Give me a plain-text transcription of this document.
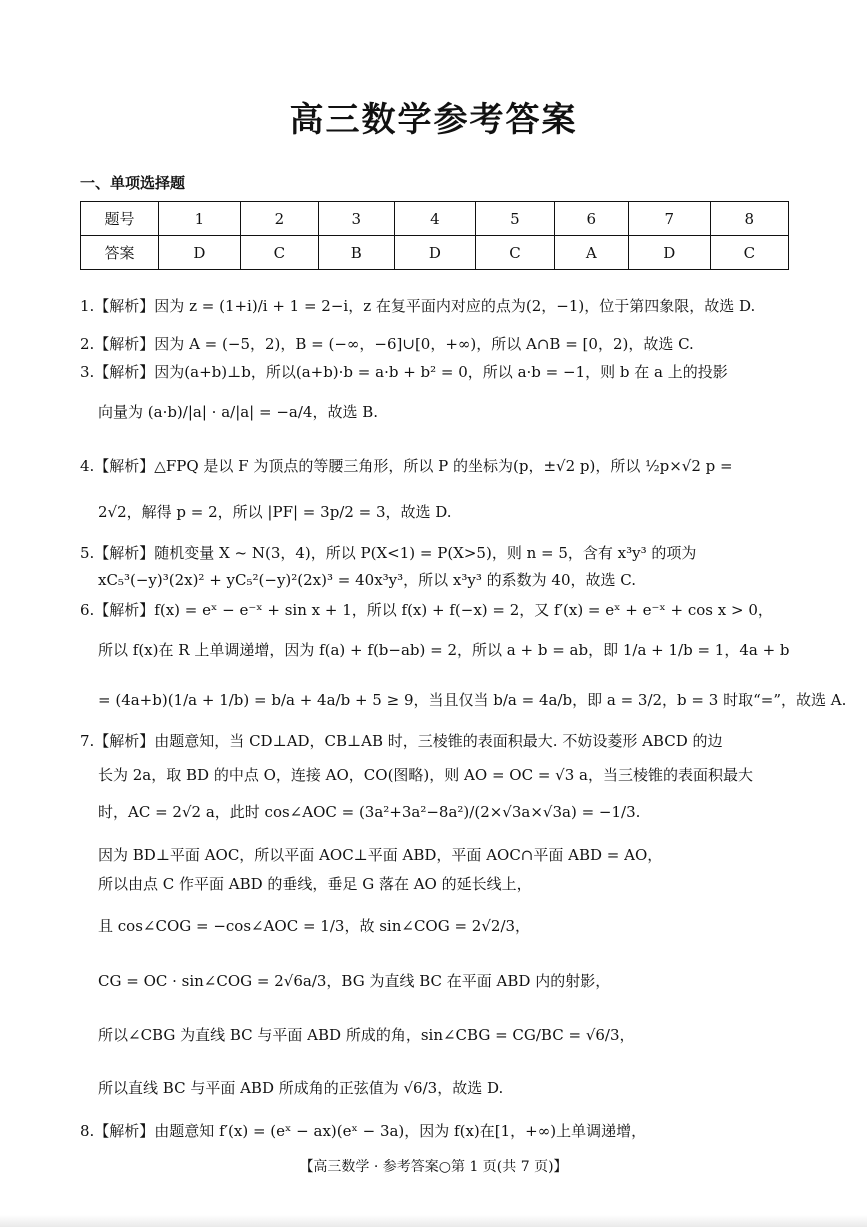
高三数学参考答案
一、单项选择题
题号	1	2	3	4	5	6	7	8
答案	D	C	B	D	C	A	D	C
1.【解析】因为 z = (1+i)/i + 1 = 2−i，z 在复平面内对应的点为(2，−1)，位于第四象限，故选 D.
2.【解析】因为 A = (−5，2)，B = (−∞，−6]∪[0，+∞)，所以 A∩B = [0，2)，故选 C.
3.【解析】因为(a+b)⊥b，所以(a+b)·b = a·b + b² = 0，所以 a·b = −1，则 b 在 a 上的投影
向量为 (a·b)/|a| · a/|a| = −a/4，故选 B.
4.【解析】△FPQ 是以 F 为顶点的等腰三角形，所以 P 的坐标为(p，±√2 p)，所以 ½p×√2 p =
2√2，解得 p = 2，所以 |PF| = 3p/2 = 3，故选 D.
5.【解析】随机变量 X ~ N(3，4)，所以 P(X<1) = P(X>5)，则 n = 5，含有 x³y³ 的项为
xC₅³(−y)³(2x)² + yC₅²(−y)²(2x)³ = 40x³y³，所以 x³y³ 的系数为 40，故选 C.
6.【解析】f(x) = eˣ − e⁻ˣ + sin x + 1，所以 f(x) + f(−x) = 2，又 f′(x) = eˣ + e⁻ˣ + cos x > 0，
所以 f(x)在 R 上单调递增，因为 f(a) + f(b−ab) = 2，所以 a + b = ab，即 1/a + 1/b = 1，4a + b
= (4a+b)(1/a + 1/b) = b/a + 4a/b + 5 ≥ 9，当且仅当 b/a = 4a/b，即 a = 3/2，b = 3 时取“=”，故选 A.
7.【解析】由题意知，当 CD⊥AD，CB⊥AB 时，三棱锥的表面积最大. 不妨设菱形 ABCD 的边
长为 2a，取 BD 的中点 O，连接 AO，CO(图略)，则 AO = OC = √3 a，当三棱锥的表面积最大
时，AC = 2√2 a，此时 cos∠AOC = (3a²+3a²−8a²)/(2×√3a×√3a) = −1/3.
因为 BD⊥平面 AOC，所以平面 AOC⊥平面 ABD，平面 AOC∩平面 ABD = AO，
所以由点 C 作平面 ABD 的垂线，垂足 G 落在 AO 的延长线上，
且 cos∠COG = −cos∠AOC = 1/3，故 sin∠COG = 2√2/3，
CG = OC · sin∠COG = 2√6a/3，BG 为直线 BC 在平面 ABD 内的射影，
所以∠CBG 为直线 BC 与平面 ABD 所成的角，sin∠CBG = CG/BC = √6/3，
所以直线 BC 与平面 ABD 所成角的正弦值为 √6/3，故选 D.
8.【解析】由题意知 f′(x) = (eˣ − ax)(eˣ − 3a)，因为 f(x)在[1，+∞)上单调递增，
【高三数学 · 参考答案○第 1 页(共 7 页)】
